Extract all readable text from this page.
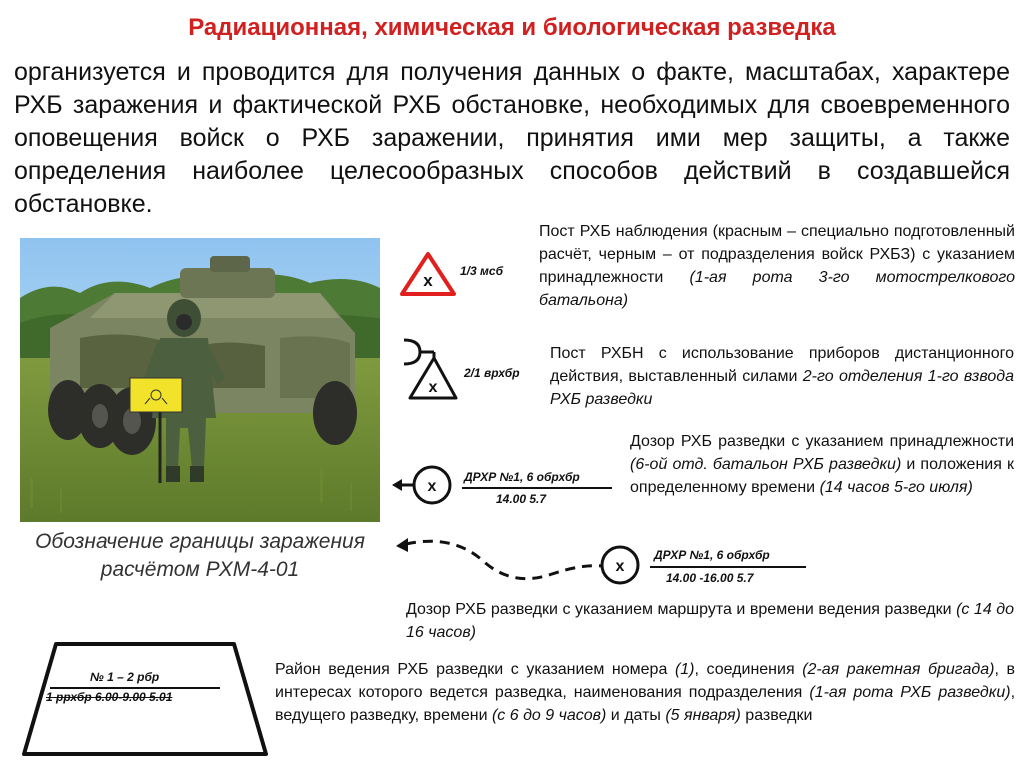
Радиационная, химическая и биологическая разведка
организуется и проводится для получения данных о факте, масштабах, характере РХБ заражения и фактической РХБ обстановке, необходимых для своевременного оповещения войск о РХБ заражении, принятия ими мер защиты, а также определения наиболее целесообразных способов действий в создавшейся обстановке.
Обозначение границы заражения расчётом РХМ-4-01
х 1/3 мсб
х
2/1 врхбр
х
ДРХР №1, 6 обрхбр
14.00 5.7
х
ДРХР №1, 6 обрхбр
14.00 -16.00 5.7
№ 1 – 2 рбр
1 ррхбр 6.00-9.00 5.01
Пост РХБ наблюдения (красным – специально подготовленный расчёт, черным – от подразделения войск РХБЗ) с указанием принадлежности (1-ая рота 3-го мотострелкового батальона)
Пост РХБН с использование приборов дистанционного действия, выставленный силами 2-го отделения 1-го взвода РХБ разведки
Дозор РХБ разведки с указанием принадлежности (6-ой отд. батальон РХБ разведки) и положения к определенному времени (14 часов 5-го июля)
Дозор РХБ разведки с указанием маршрута и времени ведения разведки (с 14 до 16 часов)
Район ведения РХБ разведки с указанием номера (1), соединения (2-ая ракетная бригада), в интересах которого ведется разведка, наименования подразделения (1-ая рота РХБ разведки), ведущего разведку, времени (с 6 до 9 часов) и даты (5 января) разведки
